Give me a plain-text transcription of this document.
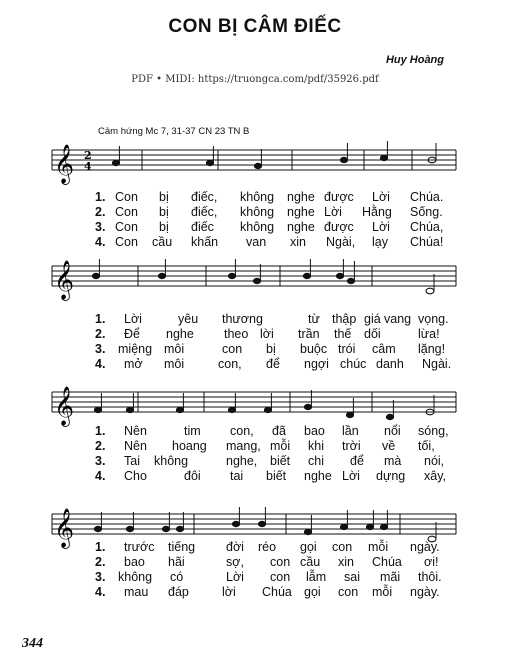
CON BỊ CÂM ĐIẾC
Huy Hoàng
PDF • MIDI: https://truongca.com/pdf/35926.pdf
Cảm hứng Mc 7, 31-37 CN 23 TN B
𝄞 2
4
𝄞
𝄞
𝄞
1. Con bị điếc, không nghe được Lời Chúa.
2. Con bị điếc, không nghe Lời Hằng Sống.
3. Con bị điếc không nghe được Lời Chúa,
4. Con cầu khấn van xin Ngài, lạy Chúa!
1. Lời	yêu thương	từ thập giá vang vọng.
2. Để nghe theo lời trần thế dối	lừa!
3. miệng môi	con bị buộc trói câm lặng!
4. mở môi	con, để ngợi chúc danh Ngài.
1. Nên	tim con, đã bao lần nổi sóng,
2. Nên hoang mang, mỗi khi trời về tối,
3. Tai không	nghe, biết chi để mà nói,
4. Cho	đôi tai biết nghe Lời dựng xây,
1. trước tiếng đời réo gọi con mỗi ngày.
2. bao hãi	sợ, con cầu xin Chúa ơi!
3. không có	Lời con lẫm sai mãi thôi.
4. mau đáp	lời Chúa gọi con mỗi ngày.
344
